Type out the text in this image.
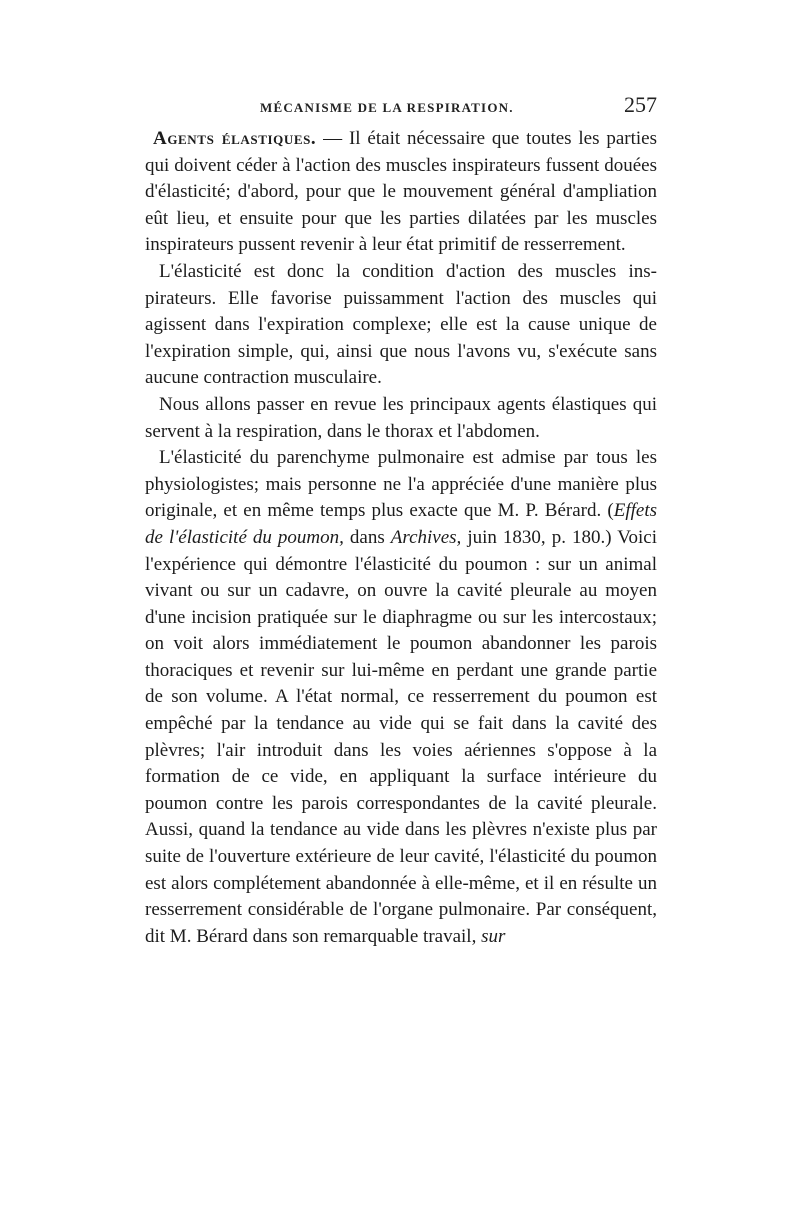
MÉCANISME DE LA RESPIRATION.	257

Agents élastiques. — Il était nécessaire que toutes les parties qui doivent céder à l'action des muscles inspirateurs fussent douées d'élasticité; d'abord, pour que le mouvement général d'ampliation eût lieu, et ensuite pour que les parties dilatées par les muscles inspirateurs pussent revenir à leur état primitif de resserrement.

L'élasticité est donc la condition d'action des muscles inspirateurs. Elle favorise puissamment l'action des muscles qui agissent dans l'expiration complexe; elle est la cause unique de l'expiration simple, qui, ainsi que nous l'avons vu, s'exécute sans aucune contraction musculaire.

Nous allons passer en revue les principaux agents élastiques qui servent à la respiration, dans le thorax et l'abdomen.

L'élasticité du parenchyme pulmonaire est admise par tous les physiologistes; mais personne ne l'a appréciée d'une manière plus originale, et en même temps plus exacte que M. P. Bérard. (Effets de l'élasticité du poumon, dans Archives, juin 1830, p. 180.) Voici l'expérience qui démontre l'élasticité du poumon : sur un animal vivant ou sur un cadavre, on ouvre la cavité pleurale au moyen d'une incision pratiquée sur le diaphragme ou sur les intercostaux; on voit alors immédiatement le poumon abandonner les parois thoraciques et revenir sur lui-même en perdant une grande partie de son volume. A l'état normal, ce resserrement du poumon est empêché par la tendance au vide qui se fait dans la cavité des plèvres; l'air introduit dans les voies aériennes s'oppose à la formation de ce vide, en appliquant la surface intérieure du poumon contre les parois correspondantes de la cavité pleurale. Aussi, quand la tendance au vide dans les plèvres n'existe plus par suite de l'ouverture extérieure de leur cavité, l'élasticité du poumon est alors complétement abandonnée à elle-même, et il en résulte un resserrement considérable de l'organe pulmonaire. Par conséquent, dit M. Bérard dans son remarquable travail, sur
